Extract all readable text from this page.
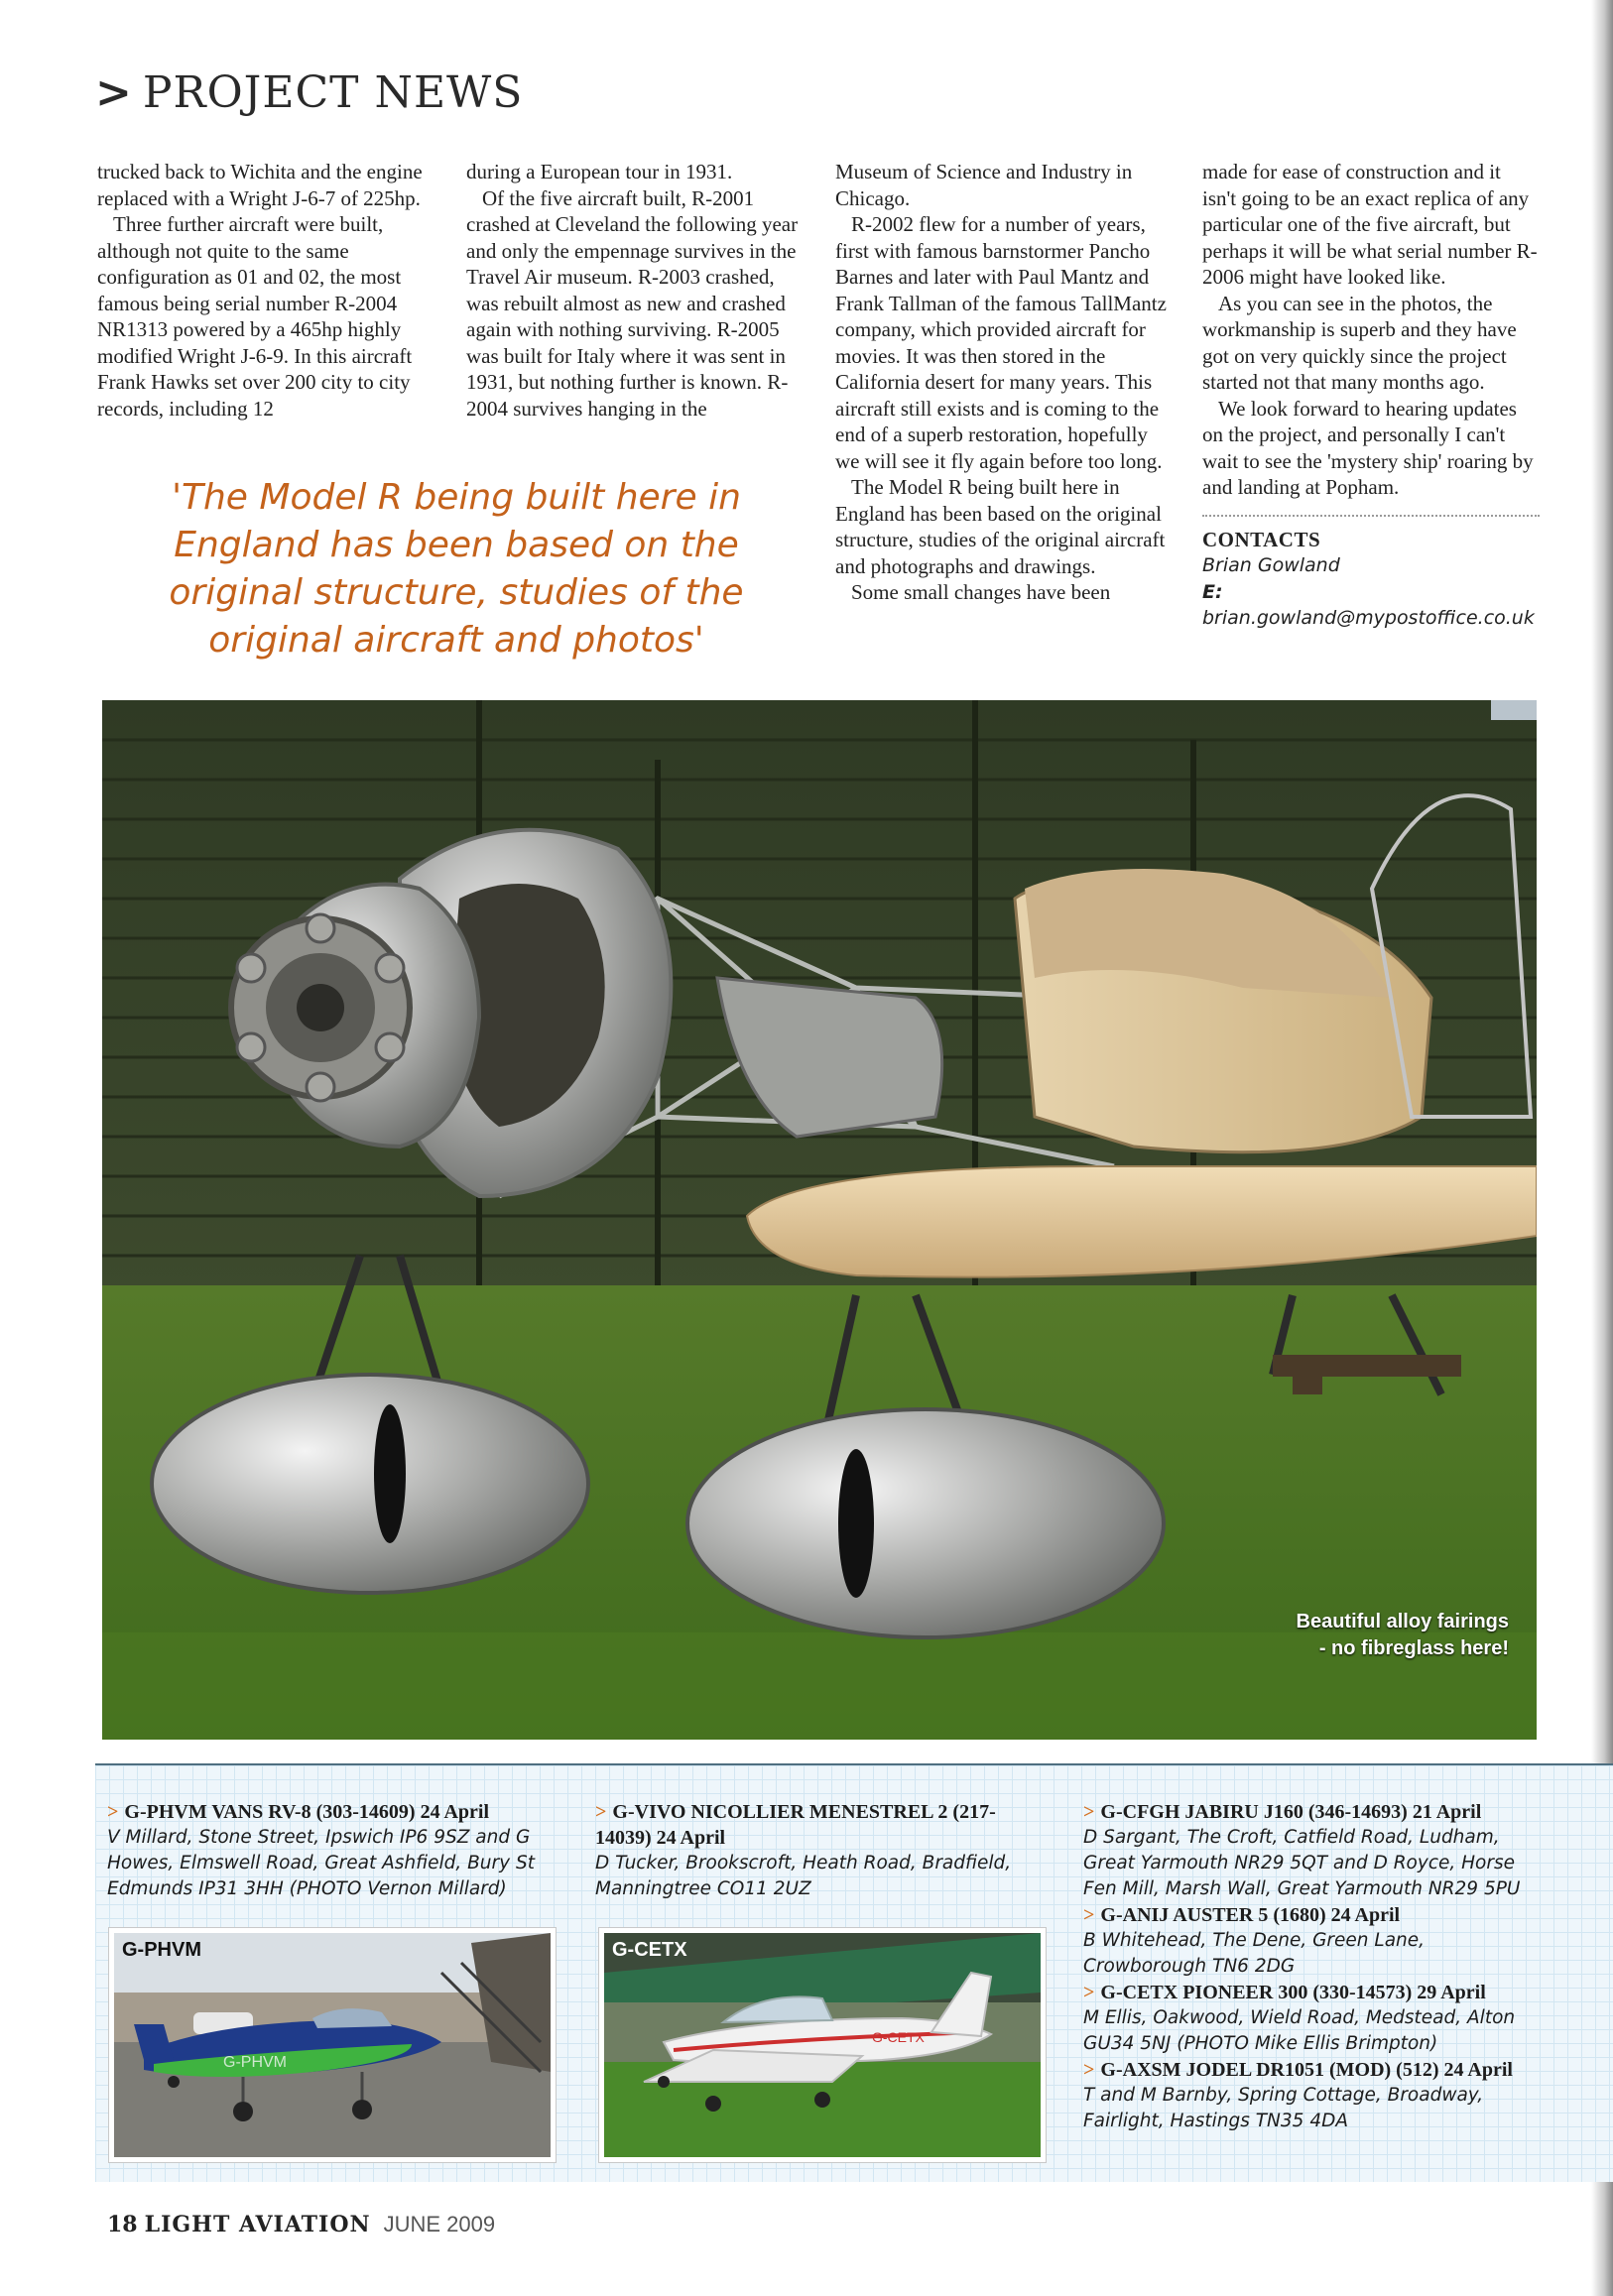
> PROJECT NEWS

trucked back to Wichita and the engine replaced with a Wright J-6-7 of 225hp.

Three further aircraft were built, although not quite to the same configuration as 01 and 02, the most famous being serial number R-2004 NR1313 powered by a 465hp highly modified Wright J-6-9. In this aircraft Frank Hawks set over 200 city to city records, including 12

during a European tour in 1931.

Of the five aircraft built, R-2001 crashed at Cleveland the following year and only the empennage survives in the Travel Air museum. R-2003 crashed, was rebuilt almost as new and crashed again with nothing surviving. R-2005 was built for Italy where it was sent in 1931, but nothing further is known. R-2004 survives hanging in the

Museum of Science and Industry in Chicago.

R-2002 flew for a number of years, first with famous barnstormer Pancho Barnes and later with Paul Mantz and Frank Tallman of the famous TallMantz company, which provided aircraft for movies. It was then stored in the California desert for many years. This aircraft still exists and is coming to the end of a superb restoration, hopefully we will see it fly again before too long.

The Model R being built here in England has been based on the original structure, studies of the original aircraft and photographs and drawings.

Some small changes have been

made for ease of construction and it isn't going to be an exact replica of any particular one of the five aircraft, but perhaps it will be what serial number R-2006 might have looked like.

As you can see in the photos, the workmanship is superb and they have got on very quickly since the project started not that many months ago.

We look forward to hearing updates on the project, and personally I can't wait to see the 'mystery ship' roaring by and landing at Popham.

CONTACTS
Brian Gowland
E: brian.gowland@mypostoffice.co.uk
'The Model R being built here in England has been based on the original structure, studies of the original aircraft and photos'
Beautiful alloy fairings
- no fibreglass here!
> G-PHVM VANS RV-8 (303-14609) 24 April
V Millard, Stone Street, Ipswich IP6 9SZ and G Howes, Elmswell Road, Great Ashfield, Bury St Edmunds IP31 3HH (PHOTO Vernon Millard)
> G-VIVO NICOLLIER MENESTREL 2 (217-14039) 24 April
D Tucker, Brookscroft, Heath Road, Bradfield, Manningtree CO11 2UZ
> G-CFGH JABIRU J160 (346-14693) 21 April
D Sargant, The Croft, Catfield Road, Ludham, Great Yarmouth NR29 5QT and D Royce, Horse Fen Mill, Marsh Wall, Great Yarmouth NR29 5PU
> G-ANIJ AUSTER 5 (1680) 24 April
B Whitehead, The Dene, Green Lane, Crowborough TN6 2DG
> G-CETX PIONEER 300 (330-14573) 29 April
M Ellis, Oakwood, Wield Road, Medstead, Alton GU34 5NJ (PHOTO Mike Ellis Brimpton)
> G-AXSM JODEL DR1051 (MOD) (512) 24 April
T and M Barnby, Spring Cottage, Broadway, Fairlight, Hastings TN35 4DA
G-PHVM
G-PHVM
G-CETX
G-CETX
18 LIGHT AVIATION JUNE 2009
